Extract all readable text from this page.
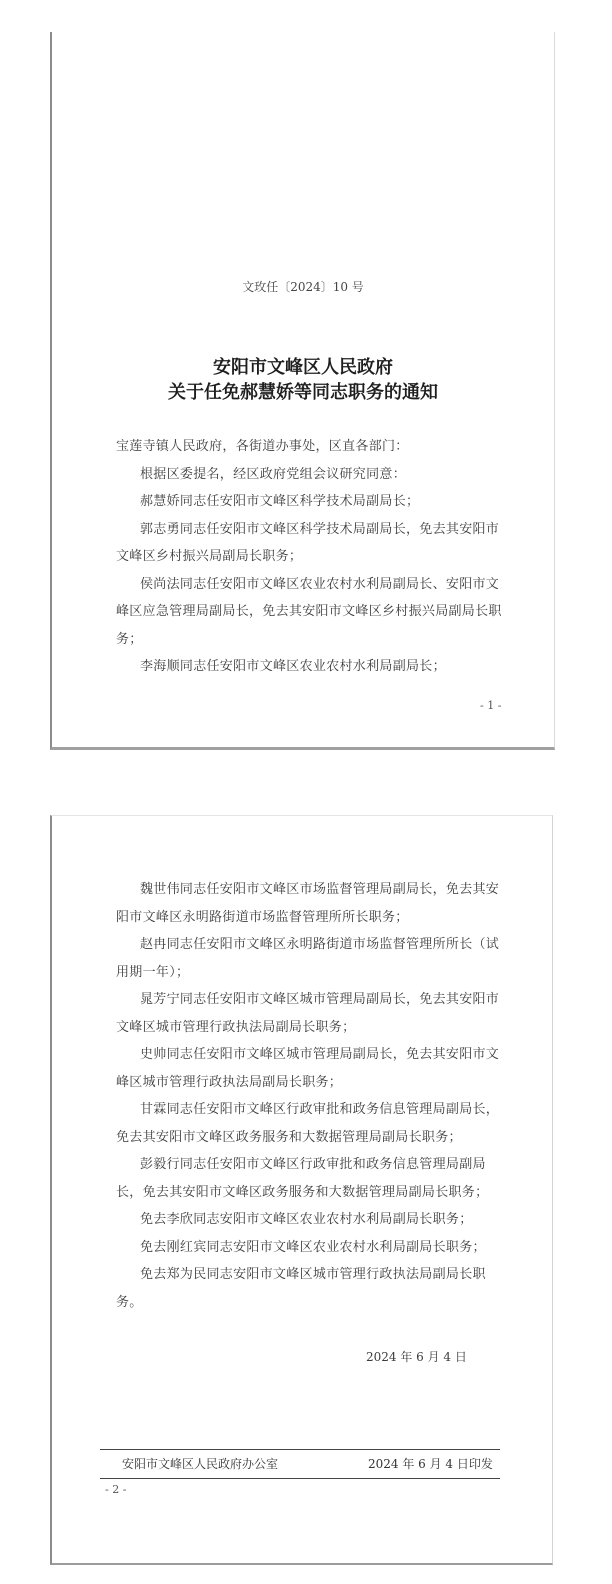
文玫任〔2024〕10 号
安阳市文峰区人民政府
关于任免郝慧娇等同志职务的通知
宝莲寺镇人民政府，各街道办事处，区直各部门：
根据区委提名，经区政府党组会议研究同意：
郝慧娇同志任安阳市文峰区科学技术局副局长；
郭志勇同志任安阳市文峰区科学技术局副局长，免去其安阳市
文峰区乡村振兴局副局长职务；
侯尚法同志任安阳市文峰区农业农村水利局副局长、安阳市文
峰区应急管理局副局长，免去其安阳市文峰区乡村振兴局副局长职
务；
李海顺同志任安阳市文峰区农业农村水利局副局长；
- 1 -
魏世伟同志任安阳市文峰区市场监督管理局副局长，免去其安
阳市文峰区永明路街道市场监督管理所所长职务；
赵冉同志任安阳市文峰区永明路街道市场监督管理所所长（试
用期一年）；
晁芳宁同志任安阳市文峰区城市管理局副局长，免去其安阳市
文峰区城市管理行政执法局副局长职务；
史帅同志任安阳市文峰区城市管理局副局长，免去其安阳市文
峰区城市管理行政执法局副局长职务；
甘霖同志任安阳市文峰区行政审批和政务信息管理局副局长，
免去其安阳市文峰区政务服务和大数据管理局副局长职务；
彭毅行同志任安阳市文峰区行政审批和政务信息管理局副局
长，免去其安阳市文峰区政务服务和大数据管理局副局长职务；
免去李欣同志安阳市文峰区农业农村水利局副局长职务；
免去刚红宾同志安阳市文峰区农业农村水利局副局长职务；
免去郑为民同志安阳市文峰区城市管理行政执法局副局长职
务。
2024 年 6 月 4 日
安阳市文峰区人民政府办公室	2024 年 6 月 4 日印发
- 2 -
